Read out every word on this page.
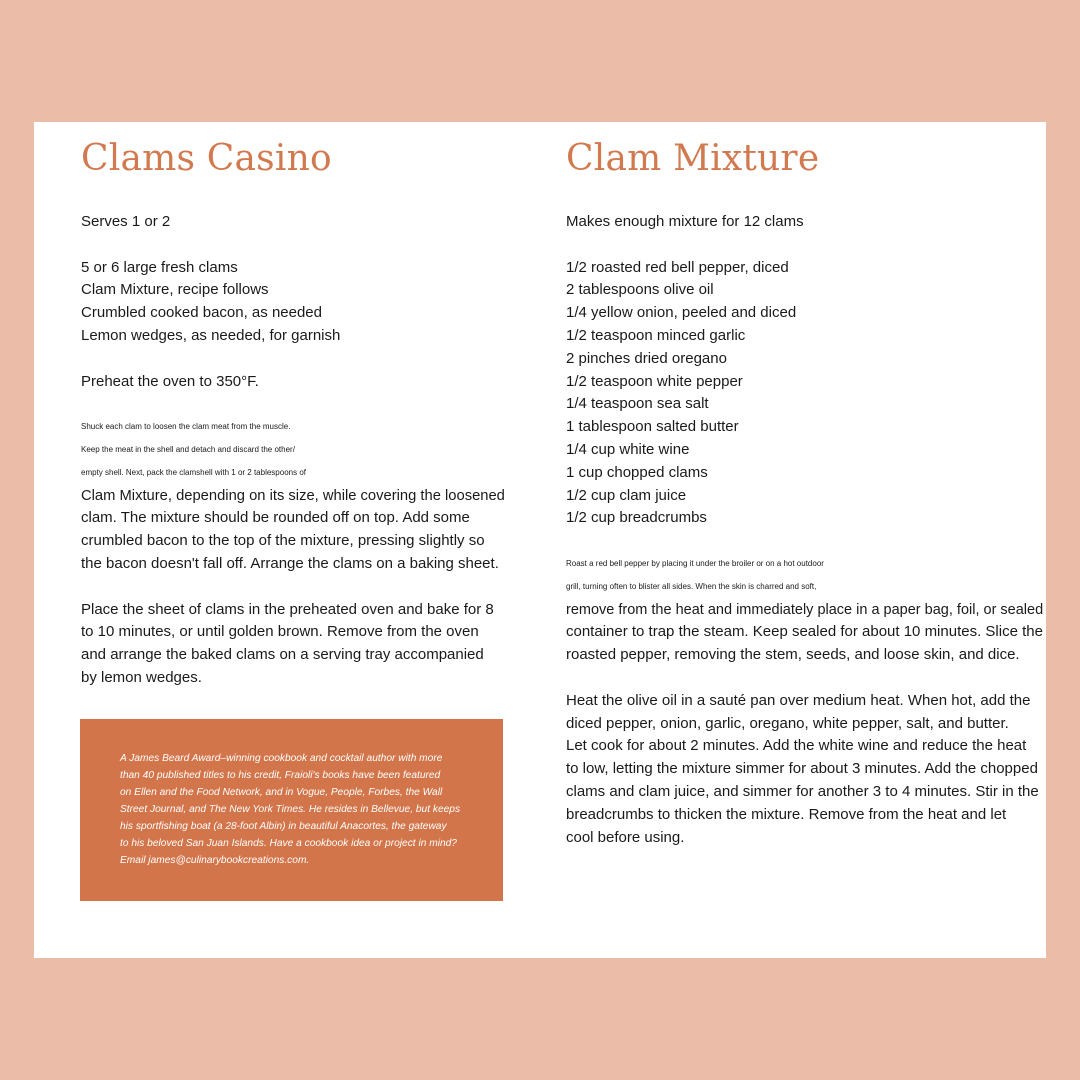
Clams Casino

Serves 1 or 2

5 or 6 large fresh clams
Clam Mixture, recipe follows
Crumbled cooked bacon, as needed
Lemon wedges, as needed, for garnish

Preheat the oven to 350°F.

Shuck each clam to loosen the clam meat from the muscle.
Keep the meat in the shell and detach and discard the other/
empty shell. Next, pack the clamshell with 1 or 2 tablespoons of
Clam Mixture, depending on its size, while covering the loosened
clam. The mixture should be rounded off on top. Add some
crumbled bacon to the top of the mixture, pressing slightly so
the bacon doesn't fall off. Arrange the clams on a baking sheet.

Place the sheet of clams in the preheated oven and bake for 8
to 10 minutes, or until golden brown. Remove from the oven
and arrange the baked clams on a serving tray accompanied
by lemon wedges.

A James Beard Award–winning cookbook and cocktail author with more
than 40 published titles to his credit, Fraioli's books have been featured
on Ellen and the Food Network, and in Vogue, People, Forbes, the Wall
Street Journal, and The New York Times. He resides in Bellevue, but keeps
his sportfishing boat (a 28-foot Albin) in beautiful Anacortes, the gateway
to his beloved San Juan Islands. Have a cookbook idea or project in mind?
Email james@culinarybookcreations.com.
Clam Mixture

Makes enough mixture for 12 clams

1/2 roasted red bell pepper, diced
2 tablespoons olive oil
1/4 yellow onion, peeled and diced
1/2 teaspoon minced garlic
2 pinches dried oregano
1/2 teaspoon white pepper
1/4 teaspoon sea salt
1 tablespoon salted butter
1/4 cup white wine
1 cup chopped clams
1/2 cup clam juice
1/2 cup breadcrumbs

Roast a red bell pepper by placing it under the broiler or on a hot outdoor
grill, turning often to blister all sides. When the skin is charred and soft,
remove from the heat and immediately place in a paper bag, foil, or sealed
container to trap the steam. Keep sealed for about 10 minutes. Slice the
roasted pepper, removing the stem, seeds, and loose skin, and dice.

Heat the olive oil in a sauté pan over medium heat. When hot, add the
diced pepper, onion, garlic, oregano, white pepper, salt, and butter.
Let cook for about 2 minutes. Add the white wine and reduce the heat
to low, letting the mixture simmer for about 3 minutes. Add the chopped
clams and clam juice, and simmer for another 3 to 4 minutes. Stir in the
breadcrumbs to thicken the mixture. Remove from the heat and let
cool before using.
